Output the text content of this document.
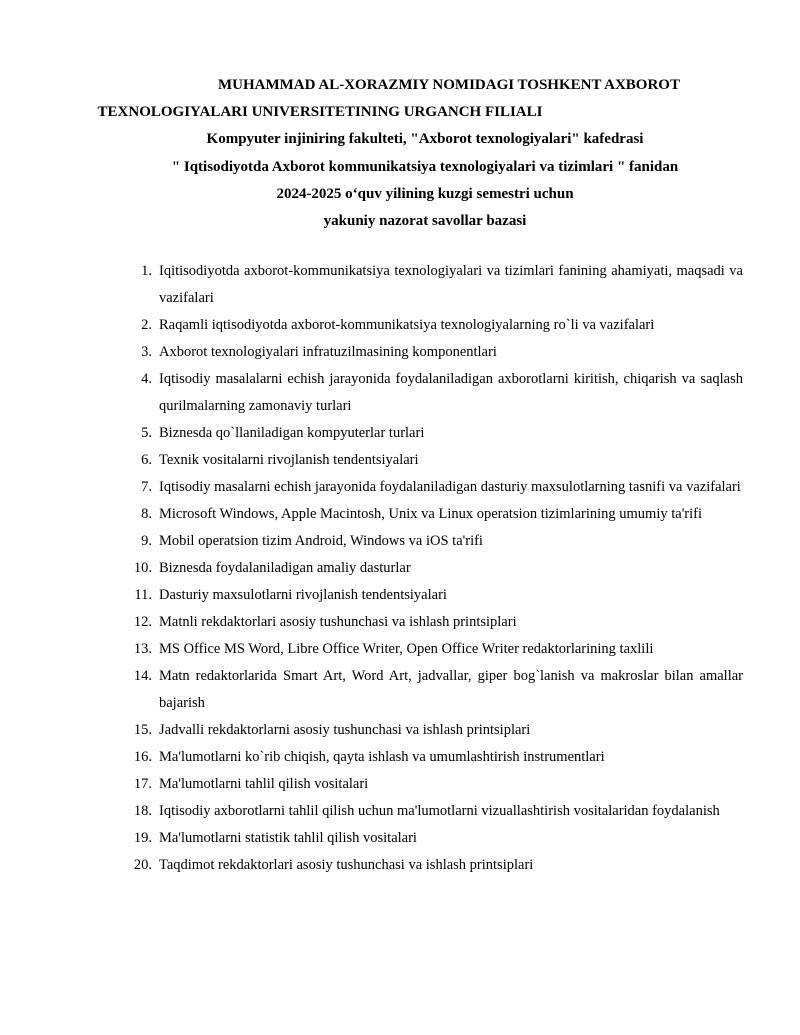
MUHAMMAD AL-XORAZMIY NOMIDAGI TOSHKENT AXBOROT
TEXNOLOGIYALARI UNIVERSITETINING URGANCH FILIALI
Kompyuter injiniring fakulteti, "Axborot texnologiyalari" kafedrasi
" Iqtisodiyotda Axborot kommunikatsiya texnologiyalari va tizimlari " fanidan
2024-2025 o‘quv yilining kuzgi semestri uchun
yakuniy nazorat savollar bazasi
1. Iqitisodiyotda axborot-kommunikatsiya texnologiyalari va tizimlari fanining ahamiyati, maqsadi va vazifalari
2. Raqamli iqtisodiyotda axborot-kommunikatsiya texnologiyalarning ro`li va vazifalari
3. Axborot texnologiyalari infratuzilmasining komponentlari
4. Iqtisodiy masalalarni echish jarayonida foydalaniladigan axborotlarni kiritish, chiqarish va saqlash qurilmalarning zamonaviy turlari
5. Biznesda qo`llaniladigan kompyuterlar turlari
6. Texnik vositalarni rivojlanish tendentsiyalari
7. Iqtisodiy masalarni echish jarayonida foydalaniladigan dasturiy maxsulotlarning tasnifi va vazifalari
8. Microsoft Windows, Apple Macintosh, Unix va Linux operatsion tizimlarining umumiy ta'rifi
9. Mobil operatsion tizim Android, Windows va iOS ta'rifi
10. Biznesda foydalaniladigan amaliy dasturlar
11. Dasturiy maxsulotlarni rivojlanish tendentsiyalari
12. Matnli rekdaktorlari asosiy tushunchasi va ishlash printsiplari
13. MS Office MS Word, Libre Office Writer, Open Office Writer redaktorlarining taxlili
14. Matn redaktorlarida Smart Art, Word Art, jadvallar, giper bog`lanish va makroslar bilan amallar bajarish
15. Jadvalli rekdaktorlarni asosiy tushunchasi va ishlash printsiplari
16. Ma'lumotlarni ko`rib chiqish, qayta ishlash va umumlashtirish instrumentlari
17. Ma'lumotlarni tahlil qilish vositalari
18. Iqtisodiy axborotlarni tahlil qilish uchun ma'lumotlarni vizuallashtirish vositalaridan foydalanish
19. Ma'lumotlarni statistik tahlil qilish vositalari
20. Taqdimot rekdaktorlari asosiy tushunchasi va ishlash printsiplari
